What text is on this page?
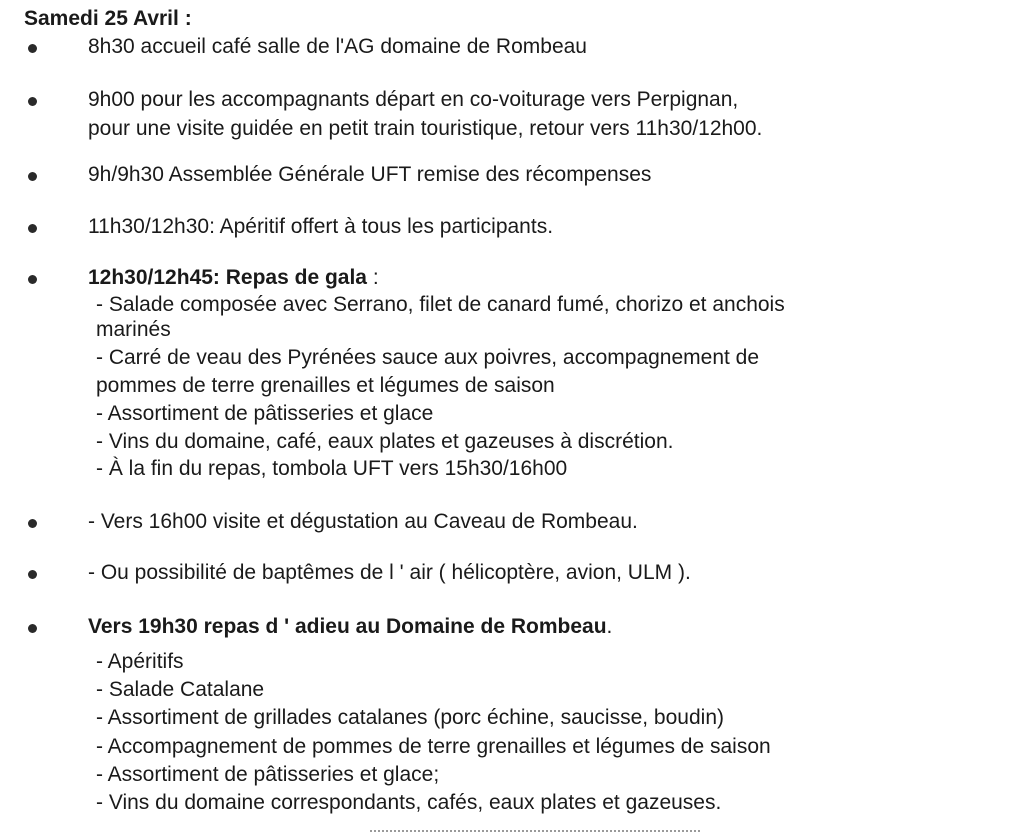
Samedi 25 Avril :
8h30 accueil café salle de l'AG domaine de Rombeau
9h00 pour les accompagnants départ en co-voiturage vers Perpignan,
pour une visite guidée en petit train touristique, retour vers 11h30/12h00.
9h/9h30 Assemblée Générale UFT remise des récompenses
11h30/12h30: Apéritif offert à tous les participants.
12h30/12h45: Repas de gala :
- Salade composée avec Serrano, filet de canard fumé, chorizo et anchois
marinés
- Carré de veau des Pyrénées sauce aux poivres, accompagnement de
pommes de terre grenailles et légumes de saison
- Assortiment de pâtisseries et glace
- Vins du domaine, café, eaux plates et gazeuses à discrétion.
- À la fin du repas, tombola UFT vers 15h30/16h00
- Vers 16h00 visite et dégustation au Caveau de Rombeau.
- Ou possibilité de baptêmes de l ' air ( hélicoptère, avion, ULM ).
Vers 19h30 repas d ' adieu au Domaine de Rombeau.
- Apéritifs
- Salade Catalane
- Assortiment de grillades catalanes (porc échine, saucisse, boudin)
- Accompagnement de pommes de terre grenailles et légumes de saison
- Assortiment de pâtisseries et glace;
- Vins du domaine correspondants, cafés, eaux plates et gazeuses.
